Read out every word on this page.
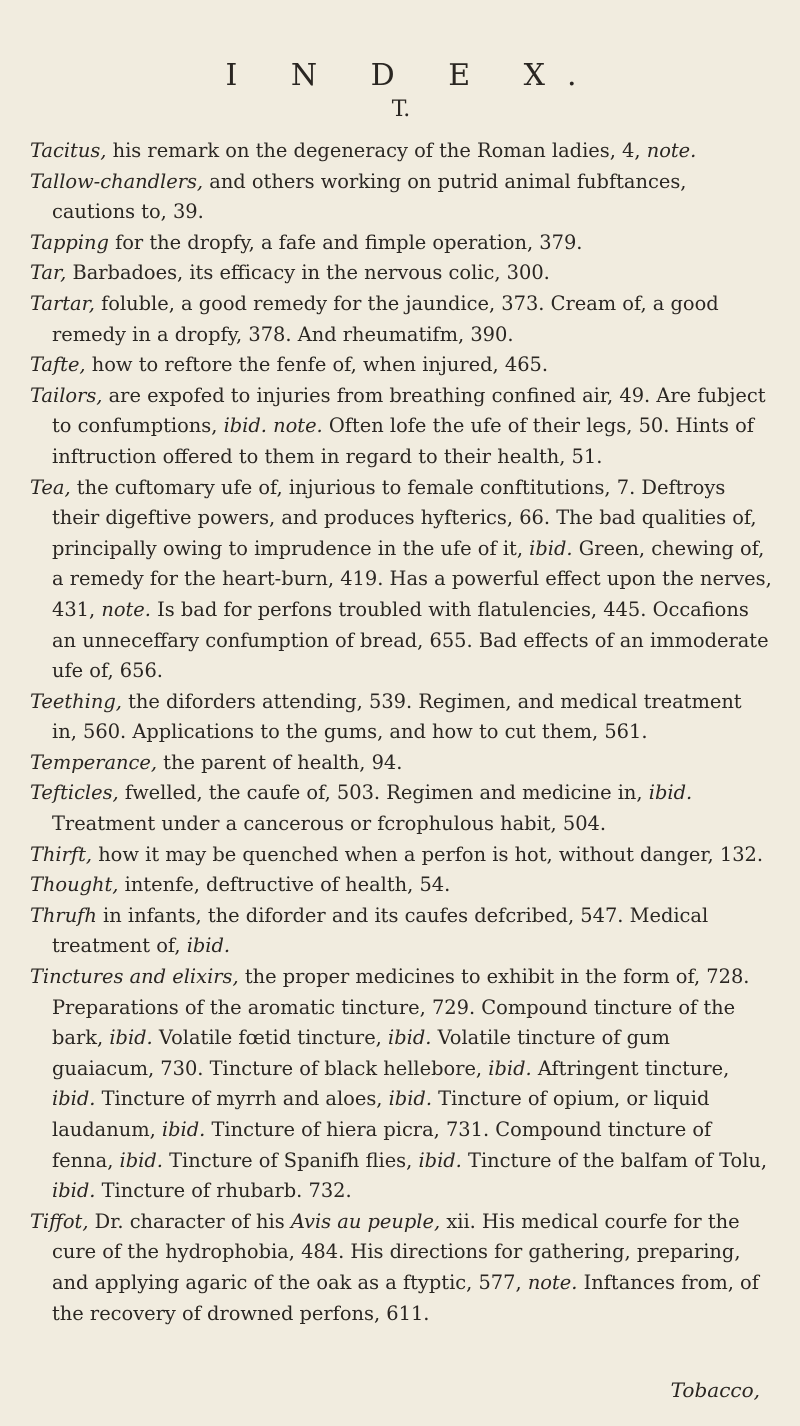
I N D E X.
T.

Tacitus, his remark on the degeneracy of the Roman ladies, 4, note.

Tallow-chandlers, and others working on putrid animal fubftances, cautions to, 39.

Tapping for the dropfy, a fafe and fimple operation, 379.

Tar, Barbadoes, its efficacy in the nervous colic, 300.

Tartar, foluble, a good remedy for the jaundice, 373. Cream of, a good remedy in a dropfy, 378. And rheumatifm, 390.

Tafte, how to reftore the fenfe of, when injured, 465.

Tailors, are expofed to injuries from breathing confined air, 49. Are fubject to confumptions, ibid. note. Often lofe the ufe of their legs, 50. Hints of inftruction offered to them in regard to their health, 51.

Tea, the cuftomary ufe of, injurious to female conftitutions, 7. Deftroys their digeftive powers, and produces hyfterics, 66. The bad qualities of, principally owing to imprudence in the ufe of it, ibid. Green, chewing of, a remedy for the heart-burn, 419. Has a powerful effect upon the nerves, 431, note. Is bad for perfons troubled with flatulencies, 445. Occafions an unneceffary confumption of bread, 655. Bad effects of an immoderate ufe of, 656.

Teething, the diforders attending, 539. Regimen, and medical treatment in, 560. Applications to the gums, and how to cut them, 561.

Temperance, the parent of health, 94.

Tefticles, fwelled, the caufe of, 503. Regimen and medicine in, ibid. Treatment under a cancerous or fcrophulous habit, 504.

Thirft, how it may be quenched when a perfon is hot, without danger, 132.

Thought, intenfe, deftructive of health, 54.

Thrufh in infants, the diforder and its caufes defcribed, 547. Medical treatment of, ibid.

Tinctures and elixirs, the proper medicines to exhibit in the form of, 728. Preparations of the aromatic tincture, 729. Compound tincture of the bark, ibid. Volatile fœtid tincture, ibid. Volatile tincture of gum guaiacum, 730. Tincture of black hellebore, ibid. Aftringent tincture, ibid. Tincture of myrrh and aloes, ibid. Tincture of opium, or liquid laudanum, ibid. Tincture of hiera picra, 731. Compound tincture of fenna, ibid. Tincture of Spanifh flies, ibid. Tincture of the balfam of Tolu, ibid. Tincture of rhubarb. 732.

Tiffot, Dr. character of his Avis au peuple, xii. His medical courfe for the cure of the hydrophobia, 484. His directions for gathering, preparing, and applying agaric of the oak as a ftyptic, 577, note. Inftances from, of the recovery of drowned perfons, 611.

Tobacco,
